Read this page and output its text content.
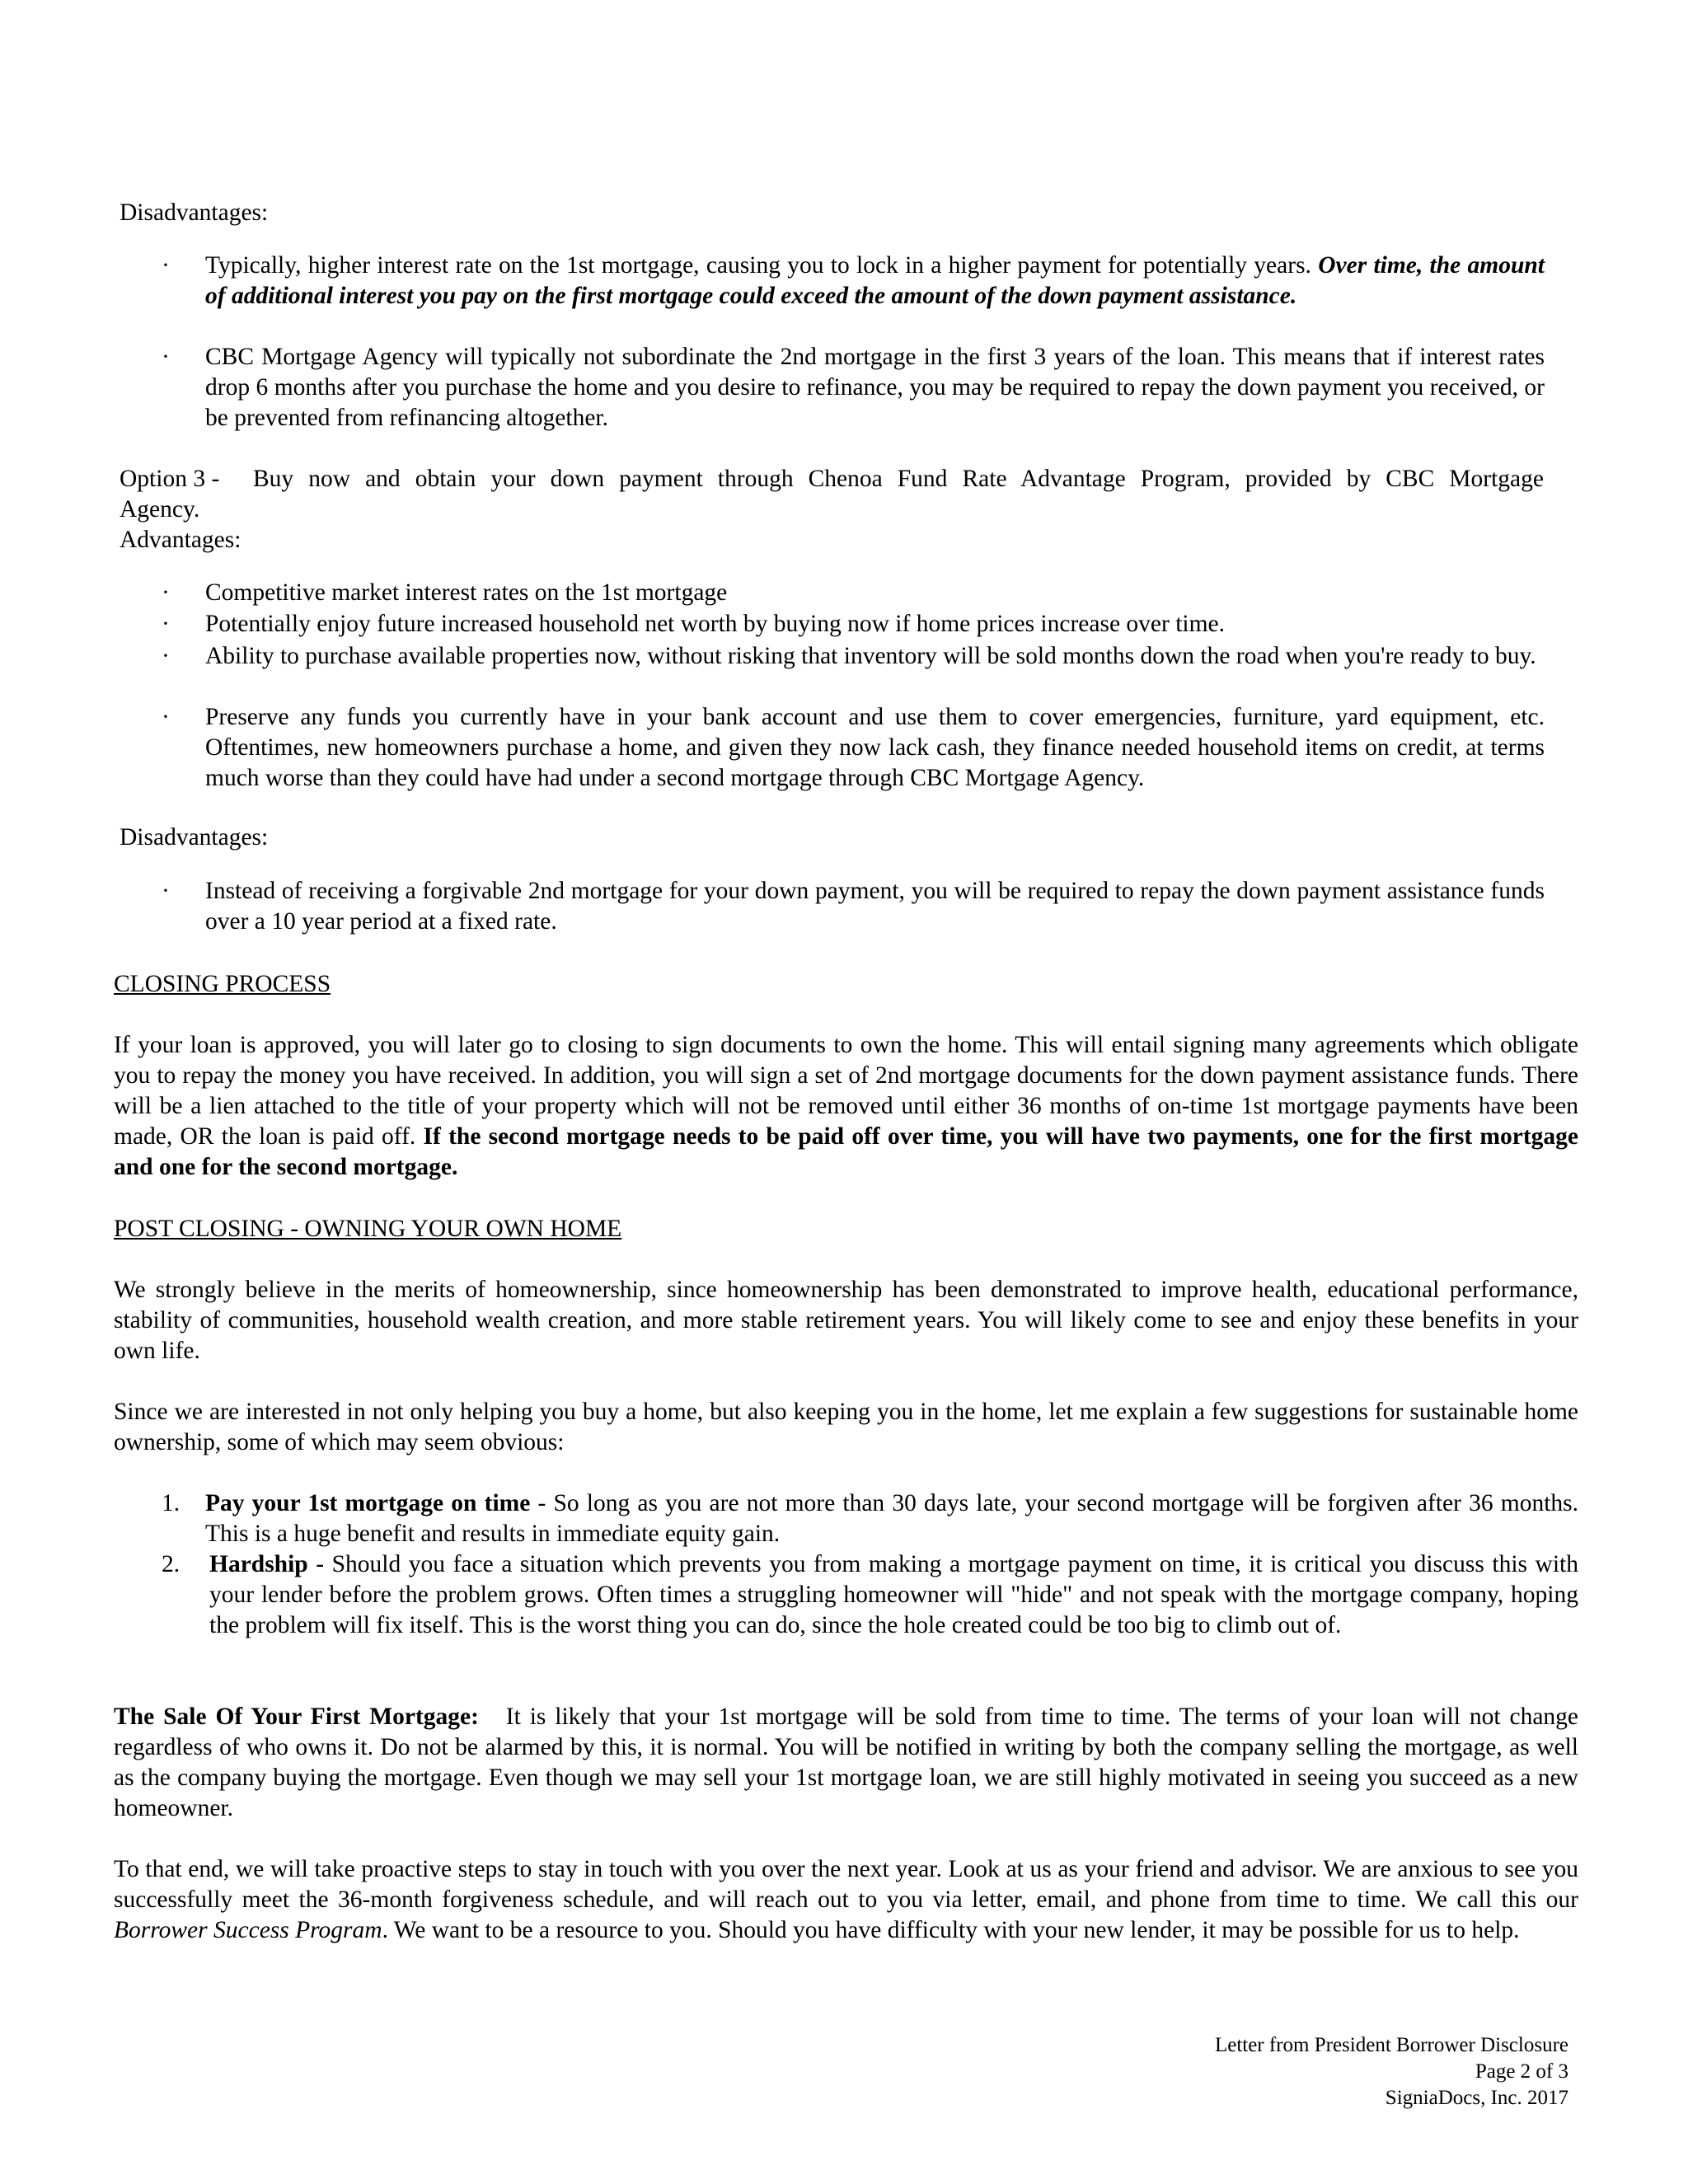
Disadvantages:
·	Typically, higher interest rate on the 1st mortgage, causing you to lock in a higher payment for potentially years. Over time, the amount of additional interest you pay on the first mortgage could exceed the amount of the down payment assistance.
·	CBC Mortgage Agency will typically not subordinate the 2nd mortgage in the first 3 years of the loan. This means that if interest rates drop 6 months after you purchase the home and you desire to refinance, you may be required to repay the down payment you received, or be prevented from refinancing altogether.
Option 3 - Buy now and obtain your down payment through Chenoa Fund Rate Advantage Program, provided by CBC Mortgage
Agency.
Advantages:
·	Competitive market interest rates on the 1st mortgage
·	Potentially enjoy future increased household net worth by buying now if home prices increase over time.
·	Ability to purchase available properties now, without risking that inventory will be sold months down the road when you're ready to buy.
·	Preserve any funds you currently have in your bank account and use them to cover emergencies, furniture, yard equipment, etc. Oftentimes, new homeowners purchase a home, and given they now lack cash, they finance needed household items on credit, at terms much worse than they could have had under a second mortgage through CBC Mortgage Agency.
Disadvantages:
·	Instead of receiving a forgivable 2nd mortgage for your down payment, you will be required to repay the down payment assistance funds over a 10 year period at a fixed rate.
CLOSING PROCESS
If your loan is approved, you will later go to closing to sign documents to own the home. This will entail signing many agreements which obligate you to repay the money you have received. In addition, you will sign a set of 2nd mortgage documents for the down payment assistance funds. There will be a lien attached to the title of your property which will not be removed until either 36 months of on-time 1st mortgage payments have been made, OR the loan is paid off. If the second mortgage needs to be paid off over time, you will have two payments, one for the first mortgage and one for the second mortgage.
POST CLOSING - OWNING YOUR OWN HOME
We strongly believe in the merits of homeownership, since homeownership has been demonstrated to improve health, educational performance, stability of communities, household wealth creation, and more stable retirement years. You will likely come to see and enjoy these benefits in your own life.
Since we are interested in not only helping you buy a home, but also keeping you in the home, let me explain a few suggestions for sustainable home ownership, some of which may seem obvious:
1. Pay your 1st mortgage on time - So long as you are not more than 30 days late, your second mortgage will be forgiven after 36 months. This is a huge benefit and results in immediate equity gain.
2. Hardship - Should you face a situation which prevents you from making a mortgage payment on time, it is critical you discuss this with your lender before the problem grows. Often times a struggling homeowner will "hide" and not speak with the mortgage company, hoping the problem will fix itself. This is the worst thing you can do, since the hole created could be too big to climb out of.
The Sale Of Your First Mortgage: It is likely that your 1st mortgage will be sold from time to time. The terms of your loan will not change regardless of who owns it. Do not be alarmed by this, it is normal. You will be notified in writing by both the company selling the mortgage, as well as the company buying the mortgage. Even though we may sell your 1st mortgage loan, we are still highly motivated in seeing you succeed as a new homeowner.
To that end, we will take proactive steps to stay in touch with you over the next year. Look at us as your friend and advisor. We are anxious to see you successfully meet the 36-month forgiveness schedule, and will reach out to you via letter, email, and phone from time to time. We call this our Borrower Success Program. We want to be a resource to you. Should you have difficulty with your new lender, it may be possible for us to help.
Letter from President Borrower Disclosure
Page 2 of 3
SigniaDocs, Inc. 2017
